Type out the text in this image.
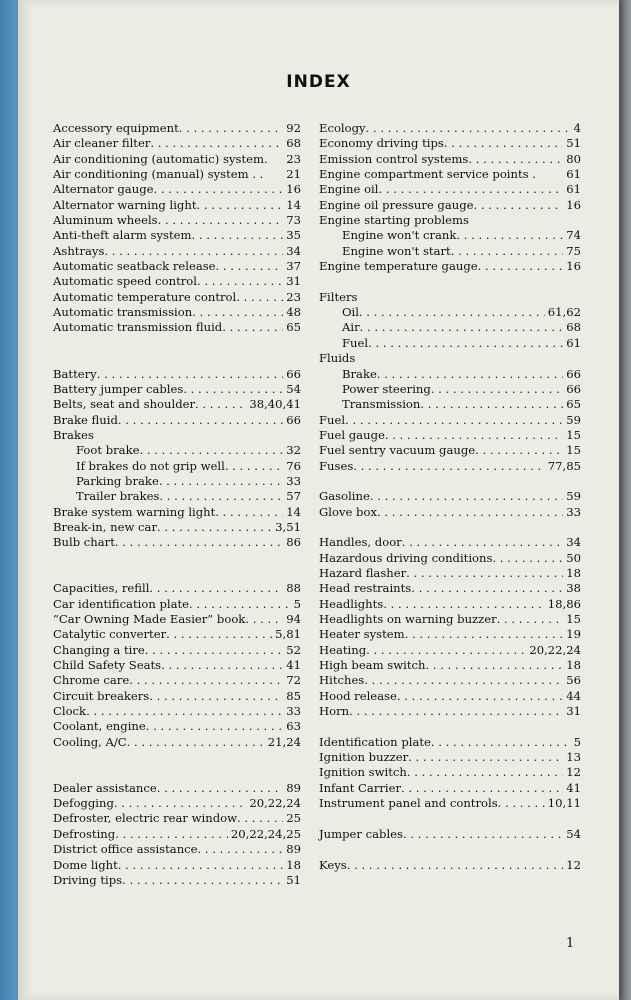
INDEX
Accessory equipment . . .	92
Air cleaner filter . . .	68
Air conditioning (automatic) system. 23
Air conditioning (manual) system . . 21
Alternator gauge . . .	16
Alternator warning light . . .	14
Aluminum wheels . . .	73
Anti-theft alarm system . . .	35
Ashtrays . . .	34
Automatic seatback release . . .	37
Automatic speed control . . .	31
Automatic temperature control . . .	23
Automatic transmission . . .	48
Automatic transmission fluid . . .	65
Battery . . .	66
Battery jumper cables . . .	54
Belts, seat and shoulder . . .	38,40,41
Brake fluid . . .	66
Brakes
Foot brake . . .	32
If brakes do not grip well . . .	76
Parking brake . . .	33
Trailer brakes . . .	57
Brake system warning light . . .	14
Break-in, new car . . .	3,51
Bulb chart . . .	86
Capacities, refill . . .	88
Car identification plate . . .	5
“Car Owning Made Easier” book . . .	94
Catalytic converter . . .	5,81
Changing a tire . . .	52
Child Safety Seats . . .	41
Chrome care . . .	72
Circuit breakers . . .	85
Clock . . .	33
Coolant, engine . . .	63
Cooling, A/C . . .	21,24
Dealer assistance . . .	89
Defogging . . .	20,22,24
Defroster, electric rear window . . .	25
Defrosting . . .	20,22,24,25
District office assistance . . .	89
Dome light . . .	18
Driving tips . . .	51
Ecology . . .	4
Economy driving tips . . .	51
Emission control systems . . .	80
Engine compartment service points .	61
Engine oil . . .	61
Engine oil pressure gauge . . .	16
Engine starting problems
Engine won't crank . . .	74
Engine won't start . . .	75
Engine temperature gauge . . .	16
Filters
Oil . . .	61,62
Air . . .	68
Fuel . . .	61
Fluids
Brake . . .	66
Power steering . . .	66
Transmission . . .	65
Fuel . . .	59
Fuel gauge . . .	15
Fuel sentry vacuum gauge . . .	15
Fuses . . .	77,85
Gasoline . . .	59
Glove box . . .	33
Handles, door . . .	34
Hazardous driving conditions . . .	50
Hazard flasher . . .	18
Head restraints . . .	38
Headlights . . .	18,86
Headlights on warning buzzer . . .	15
Heater system . . .	19
Heating . . .	20,22,24
High beam switch . . .	18
Hitches . . .	56
Hood release . . .	44
Horn . . .	31
Identification plate . . .	5
Ignition buzzer . . .	13
Ignition switch . . .	12
Infant Carrier . . .	41
Instrument panel and controls . . .	10,11
Jumper cables . . .	54
Keys . . .	12
1
